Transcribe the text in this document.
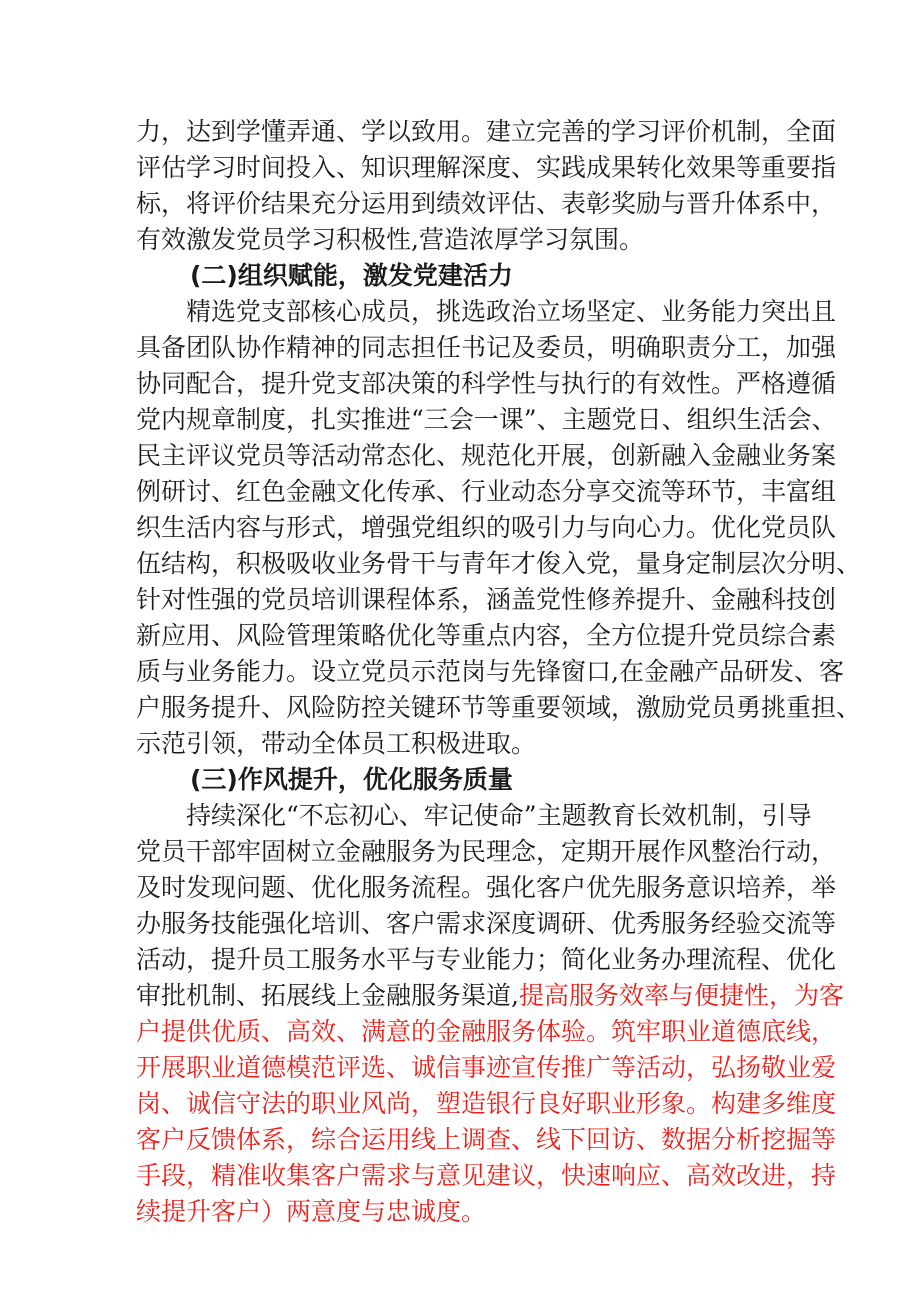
力，达到学懂弄通、学以致用。建立完善的学习评价机制，全面
评估学习时间投入、知识理解深度、实践成果转化效果等重要指
标，将评价结果充分运用到绩效评估、表彰奖励与晋升体系中，
有效激发党员学习积极性,营造浓厚学习氛围。
(二)组织赋能，激发党建活力
精选党支部核心成员，挑选政治立场坚定、业务能力突出且
具备团队协作精神的同志担任书记及委员，明确职责分工，加强
协同配合，提升党支部决策的科学性与执行的有效性。严格遵循
党内规章制度，扎实推进“三会一课”、主题党日、组织生活会、
民主评议党员等活动常态化、规范化开展，创新融入金融业务案
例研讨、红色金融文化传承、行业动态分享交流等环节，丰富组
织生活内容与形式，增强党组织的吸引力与向心力。优化党员队
伍结构，积极吸收业务骨干与青年才俊入党，量身定制层次分明、
针对性强的党员培训课程体系，涵盖党性修养提升、金融科技创
新应用、风险管理策略优化等重点内容，全方位提升党员综合素
质与业务能力。设立党员示范岗与先锋窗口,在金融产品研发、客
户服务提升、风险防控关键环节等重要领域，激励党员勇挑重担、
示范引领，带动全体员工积极进取。
(三)作风提升，优化服务质量
持续深化“不忘初心、牢记使命”主题教育长效机制，引导
党员干部牢固树立金融服务为民理念，定期开展作风整治行动，
及时发现问题、优化服务流程。强化客户优先服务意识培养，举
办服务技能强化培训、客户需求深度调研、优秀服务经验交流等
活动，提升员工服务水平与专业能力；简化业务办理流程、优化
审批机制、拓展线上金融服务渠道,提高服务效率与便捷性，为客
户提供优质、高效、满意的金融服务体验。筑牢职业道德底线，
开展职业道德模范评选、诚信事迹宣传推广等活动，弘扬敬业爱
岗、诚信守法的职业风尚，塑造银行良好职业形象。构建多维度
客户反馈体系，综合运用线上调查、线下回访、数据分析挖掘等
手段，精准收集客户需求与意见建议，快速响应、高效改进，持
续提升客户）两意度与忠诚度。
